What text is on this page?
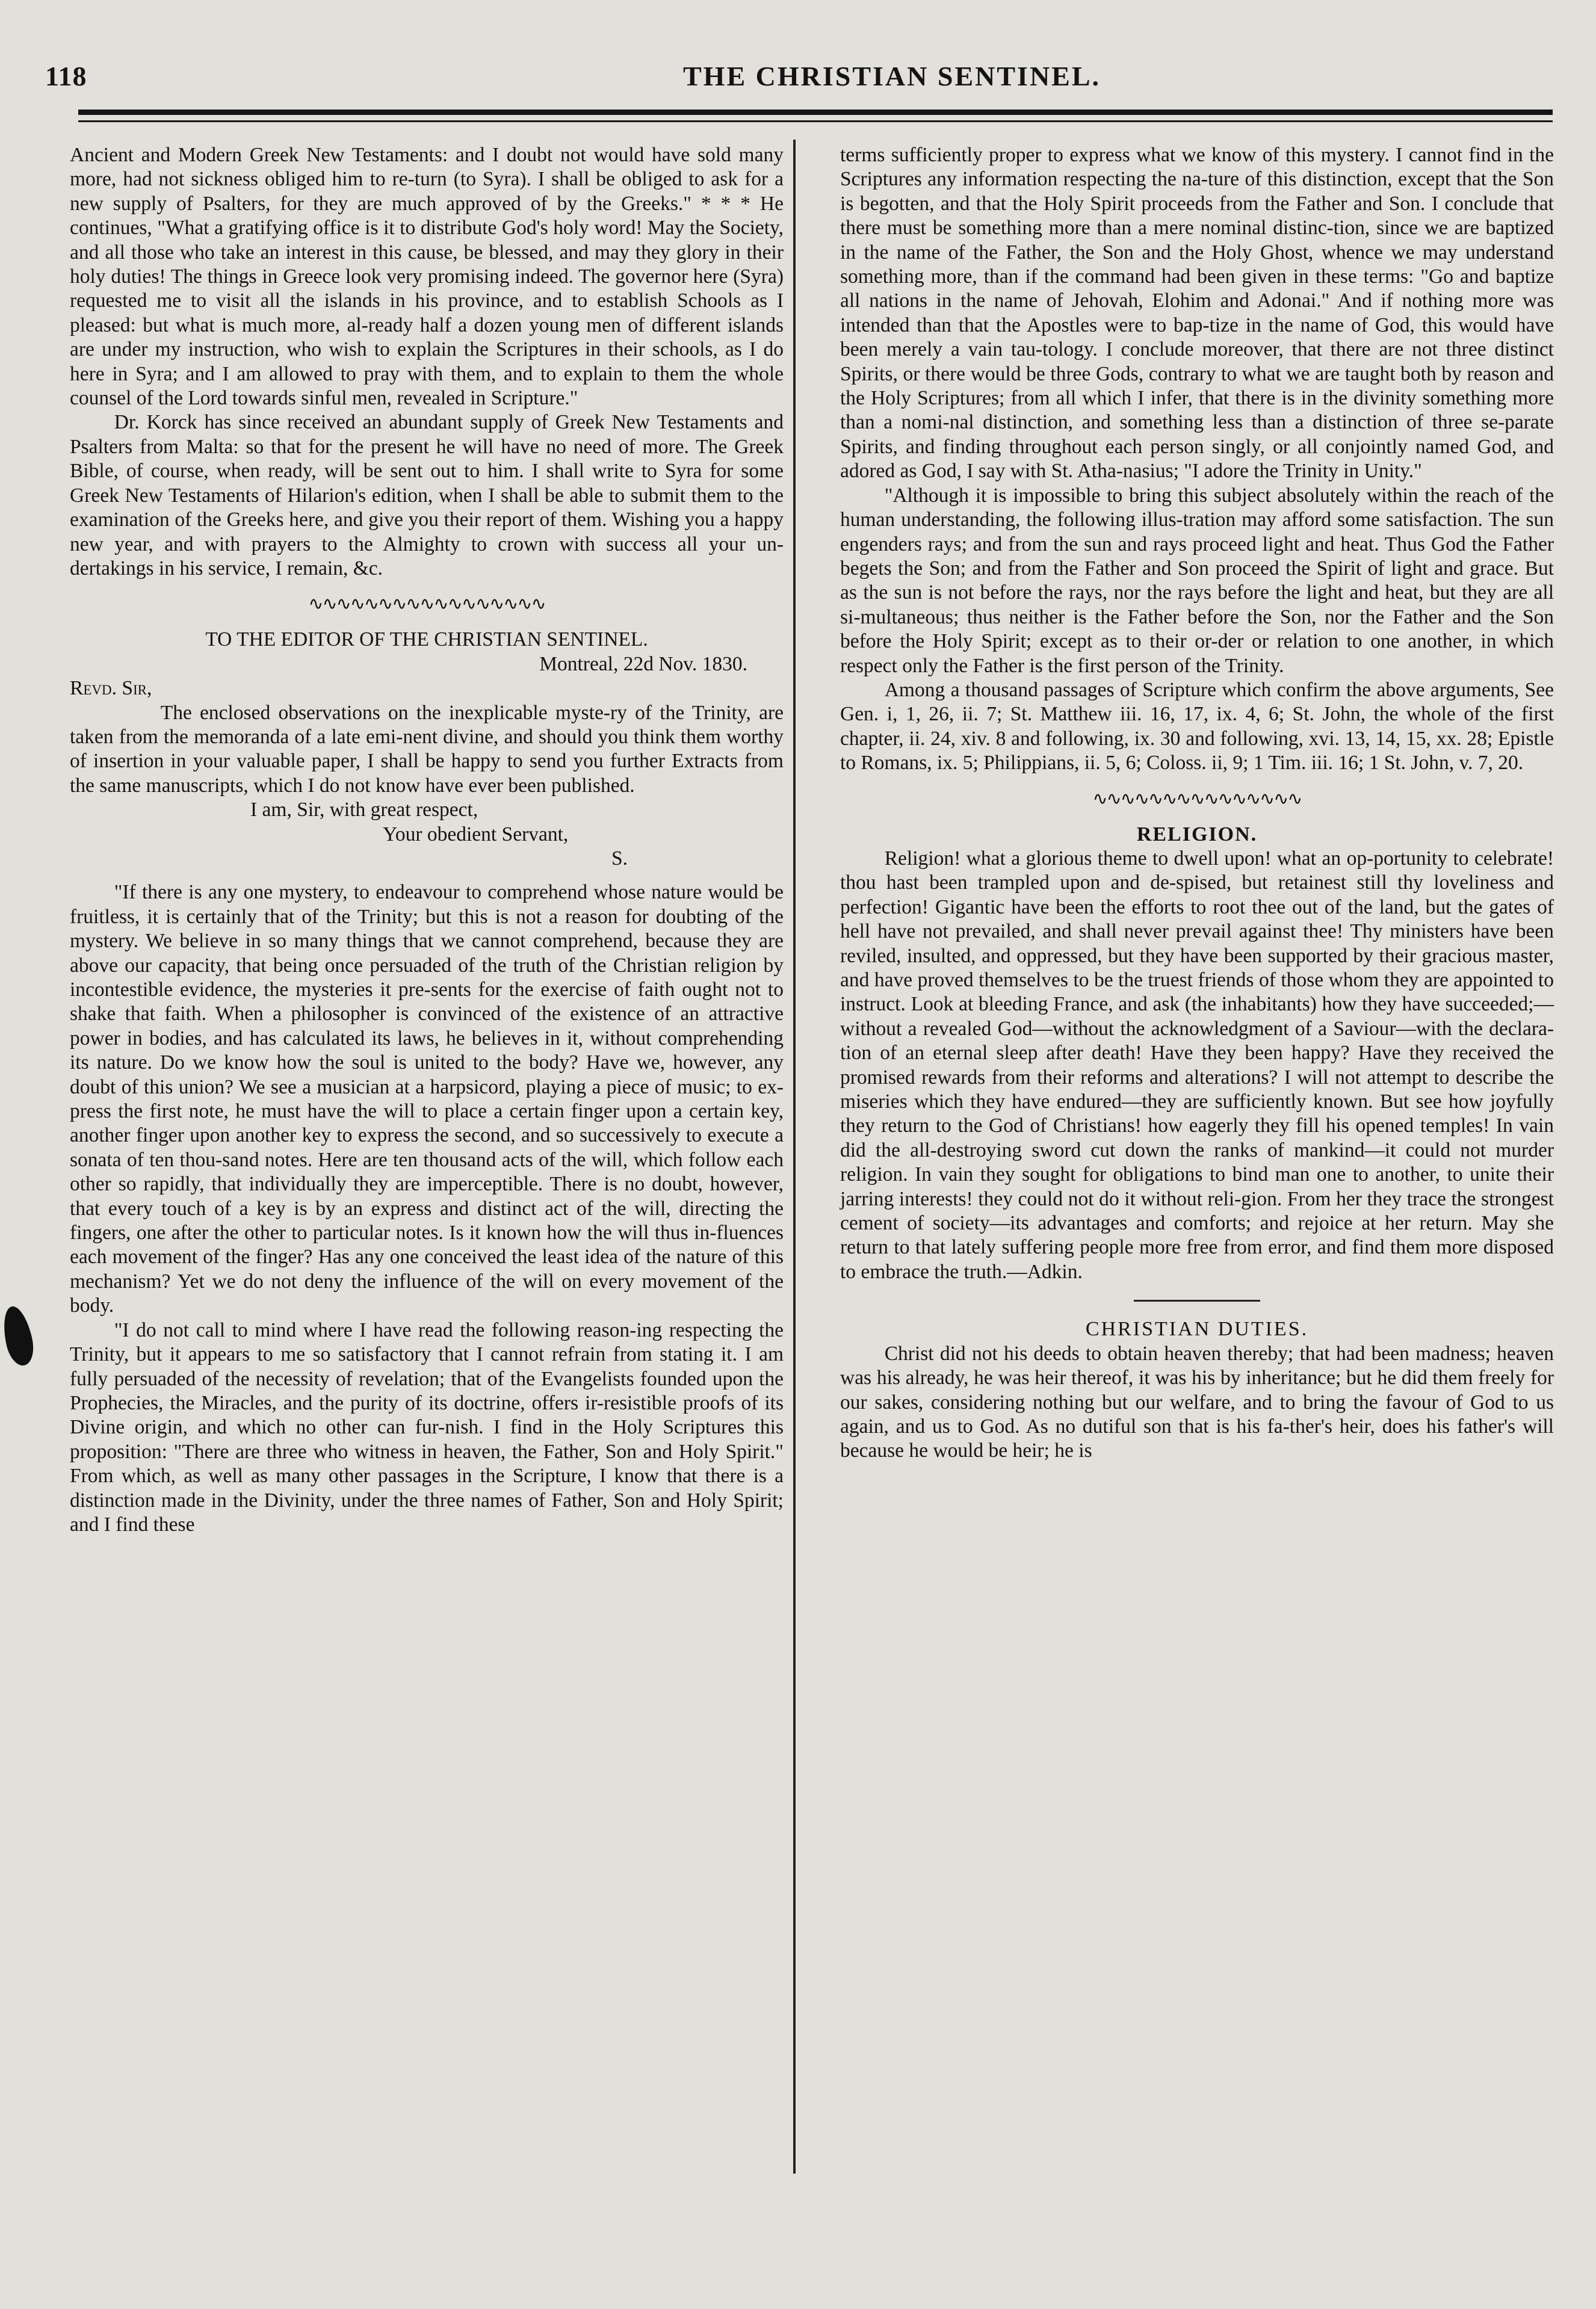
118	THE CHRISTIAN SENTINEL.

Ancient and Modern Greek New Testaments: and I doubt not would have sold many more, had not sickness obliged him to re-turn (to Syra). I shall be obliged to ask for a new supply of Psalters, for they are much approved of by the Greeks." * * * He continues, "What a gratifying office is it to distribute God's holy word! May the Society, and all those who take an interest in this cause, be blessed, and may they glory in their holy duties! The things in Greece look very promising indeed. The governor here (Syra) requested me to visit all the islands in his province, and to establish Schools as I pleased: but what is much more, al-ready half a dozen young men of different islands are under my instruction, who wish to explain the Scriptures in their schools, as I do here in Syra; and I am allowed to pray with them, and to explain to them the whole counsel of the Lord towards sinful men, revealed in Scripture."

Dr. Korck has since received an abundant supply of Greek New Testaments and Psalters from Malta: so that for the present he will have no need of more. The Greek Bible, of course, when ready, will be sent out to him. I shall write to Syra for some Greek New Testaments of Hilarion's edition, when I shall be able to submit them to the examination of the Greeks here, and give you their report of them. Wishing you a happy new year, and with prayers to the Almighty to crown with success all your un-dertakings in his service, I remain, &c.

∿∿∿∿∿∿∿∿∿∿∿∿∿∿∿∿∿

TO THE EDITOR OF THE CHRISTIAN SENTINEL.

Montreal, 22d Nov. 1830.

Revd. Sir,

The enclosed observations on the inexplicable myste-ry of the Trinity, are taken from the memoranda of a late emi-nent divine, and should you think them worthy of insertion in your valuable paper, I shall be happy to send you further Extracts from the same manuscripts, which I do not know have ever been published.

I am, Sir, with great respect,

Your obedient Servant,

S.

"If there is any one mystery, to endeavour to comprehend whose nature would be fruitless, it is certainly that of the Trinity; but this is not a reason for doubting of the mystery. We believe in so many things that we cannot comprehend, because they are above our capacity, that being once persuaded of the truth of the Christian religion by incontestible evidence, the mysteries it pre-sents for the exercise of faith ought not to shake that faith. When a philosopher is convinced of the existence of an attractive power in bodies, and has calculated its laws, he believes in it, without comprehending its nature. Do we know how the soul is united to the body? Have we, however, any doubt of this union? We see a musician at a harpsicord, playing a piece of music; to ex-press the first note, he must have the will to place a certain finger upon a certain key, another finger upon another key to express the second, and so successively to execute a sonata of ten thou-sand notes. Here are ten thousand acts of the will, which follow each other so rapidly, that individually they are imperceptible. There is no doubt, however, that every touch of a key is by an express and distinct act of the will, directing the fingers, one after the other to particular notes. Is it known how the will thus in-fluences each movement of the finger? Has any one conceived the least idea of the nature of this mechanism? Yet we do not deny the influence of the will on every movement of the body.

"I do not call to mind where I have read the following reason-ing respecting the Trinity, but it appears to me so satisfactory that I cannot refrain from stating it. I am fully persuaded of the necessity of revelation; that of the Evangelists founded upon the Prophecies, the Miracles, and the purity of its doctrine, offers ir-resistible proofs of its Divine origin, and which no other can fur-nish. I find in the Holy Scriptures this proposition: "There are three who witness in heaven, the Father, Son and Holy Spirit." From which, as well as many other passages in the Scripture, I know that there is a distinction made in the Divinity, under the three names of Father, Son and Holy Spirit; and I find these

terms sufficiently proper to express what we know of this mystery. I cannot find in the Scriptures any information respecting the na-ture of this distinction, except that the Son is begotten, and that the Holy Spirit proceeds from the Father and Son. I conclude that there must be something more than a mere nominal distinc-tion, since we are baptized in the name of the Father, the Son and the Holy Ghost, whence we may understand something more, than if the command had been given in these terms: "Go and baptize all nations in the name of Jehovah, Elohim and Adonai." And if nothing more was intended than that the Apostles were to bap-tize in the name of God, this would have been merely a vain tau-tology. I conclude moreover, that there are not three distinct Spirits, or there would be three Gods, contrary to what we are taught both by reason and the Holy Scriptures; from all which I infer, that there is in the divinity something more than a nomi-nal distinction, and something less than a distinction of three se-parate Spirits, and finding throughout each person singly, or all conjointly named God, and adored as God, I say with St. Atha-nasius; "I adore the Trinity in Unity."

"Although it is impossible to bring this subject absolutely within the reach of the human understanding, the following illus-tration may afford some satisfaction. The sun engenders rays; and from the sun and rays proceed light and heat. Thus God the Father begets the Son; and from the Father and Son proceed the Spirit of light and grace. But as the sun is not before the rays, nor the rays before the light and heat, but they are all si-multaneous; thus neither is the Father before the Son, nor the Father and the Son before the Holy Spirit; except as to their or-der or relation to one another, in which respect only the Father is the first person of the Trinity.

Among a thousand passages of Scripture which confirm the above arguments, See Gen. i, 1, 26, ii. 7; St. Matthew iii. 16, 17, ix. 4, 6; St. John, the whole of the first chapter, ii. 24, xiv. 8 and following, ix. 30 and following, xvi. 13, 14, 15, xx. 28; Epistle to Romans, ix. 5; Philippians, ii. 5, 6; Coloss. ii, 9; 1 Tim. iii. 16; 1 St. John, v. 7, 20.

∿∿∿∿∿∿∿∿∿∿∿∿∿∿∿

RELIGION.

Religion! what a glorious theme to dwell upon! what an op-portunity to celebrate! thou hast been trampled upon and de-spised, but retainest still thy loveliness and perfection! Gigantic have been the efforts to root thee out of the land, but the gates of hell have not prevailed, and shall never prevail against thee! Thy ministers have been reviled, insulted, and oppressed, but they have been supported by their gracious master, and have proved themselves to be the truest friends of those whom they are appointed to instruct. Look at bleeding France, and ask (the inhabitants) how they have succeeded;—without a revealed God—without the acknowledgment of a Saviour—with the declara-tion of an eternal sleep after death! Have they been happy? Have they received the promised rewards from their reforms and alterations? I will not attempt to describe the miseries which they have endured—they are sufficiently known. But see how joyfully they return to the God of Christians! how eagerly they fill his opened temples! In vain did the all-destroying sword cut down the ranks of mankind—it could not murder religion. In vain they sought for obligations to bind man one to another, to unite their jarring interests! they could not do it without reli-gion. From her they trace the strongest cement of society—its advantages and comforts; and rejoice at her return. May she return to that lately suffering people more free from error, and find them more disposed to embrace the truth.—Adkin.

CHRISTIAN DUTIES.

Christ did not his deeds to obtain heaven thereby; that had been madness; heaven was his already, he was heir thereof, it was his by inheritance; but he did them freely for our sakes, considering nothing but our welfare, and to bring the favour of God to us again, and us to God. As no dutiful son that is his fa-ther's heir, does his father's will because he would be heir; he is
